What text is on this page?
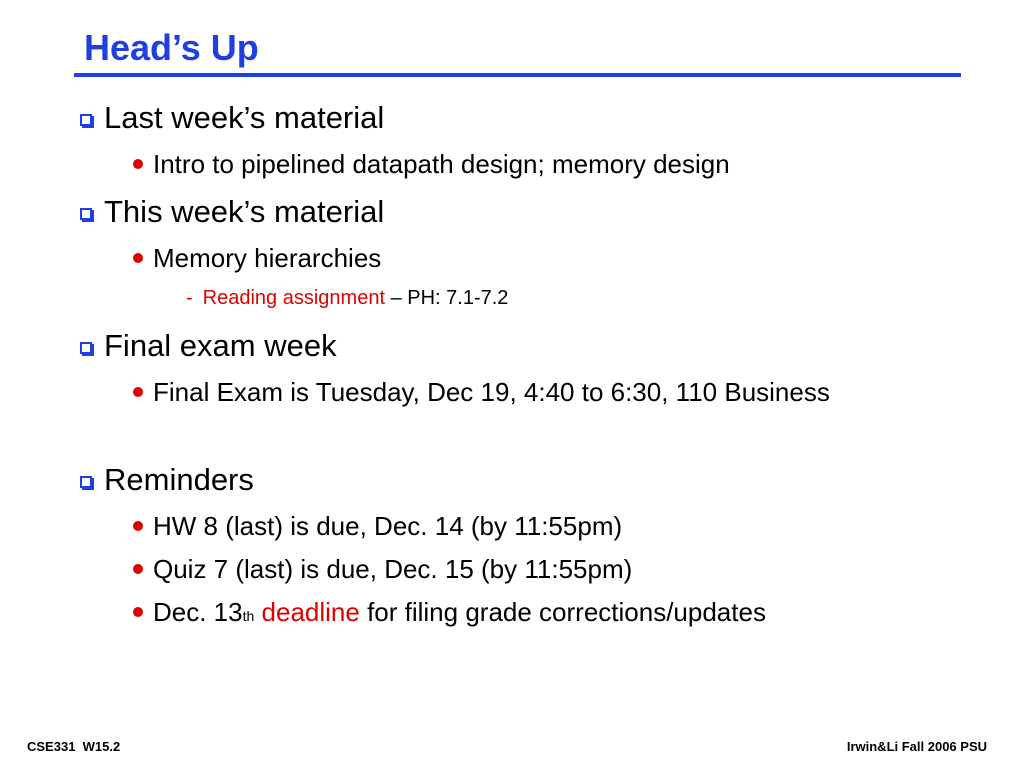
Head’s Up
Last week’s material
Intro to pipelined datapath design; memory design
This week’s material
Memory hierarchies
- Reading assignment – PH: 7.1-7.2
Final exam week
Final Exam is Tuesday, Dec 19, 4:40 to 6:30, 110 Business
Reminders
HW 8 (last) is due, Dec. 14 (by 11:55pm)
Quiz 7 (last) is due, Dec. 15 (by 11:55pm)
Dec. 13 th
deadline for filing grade corrections/updates
CSE331  W15.2	Irwin&Li Fall 2006 PSU
